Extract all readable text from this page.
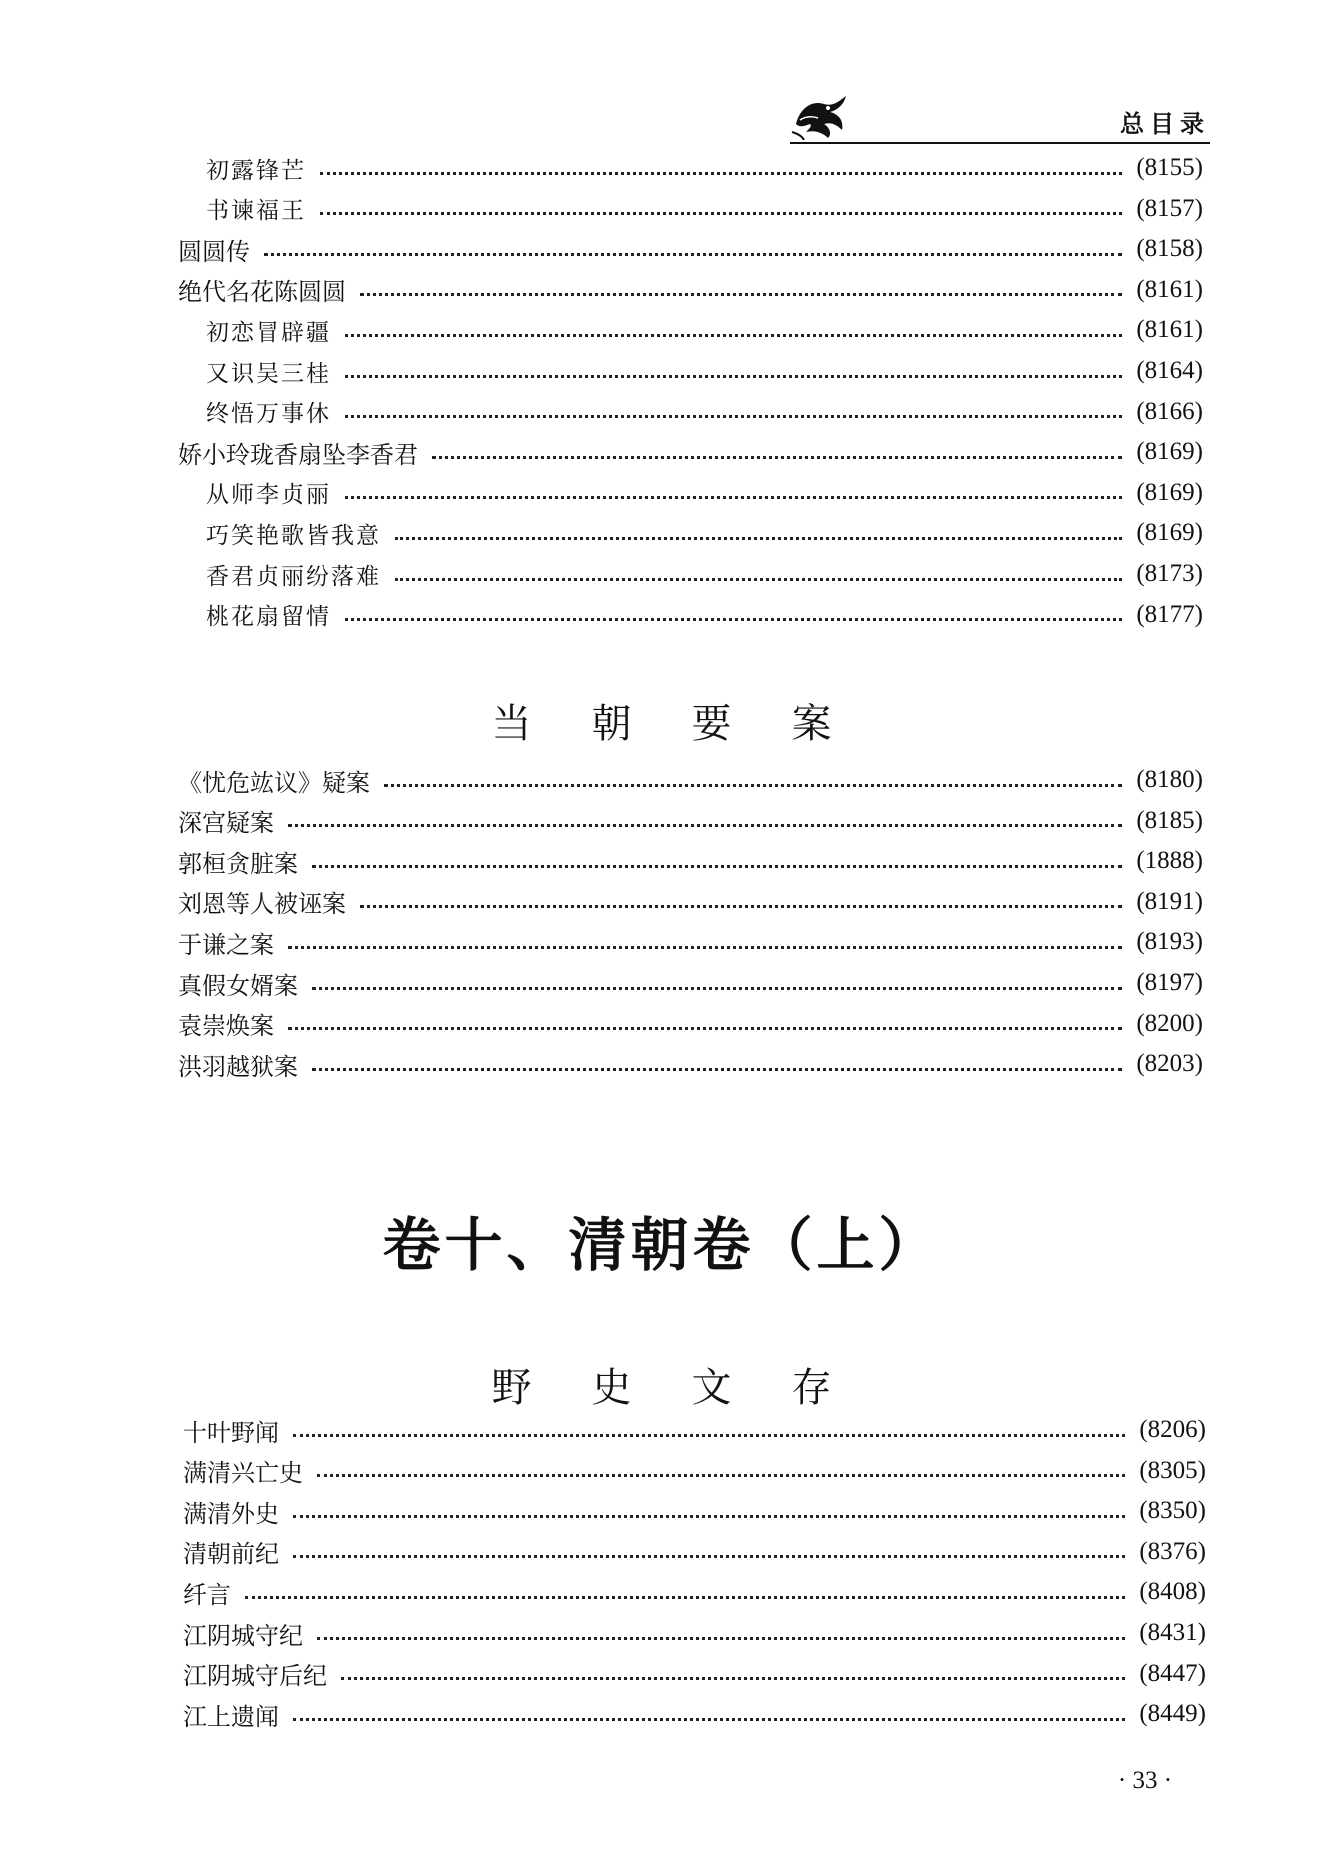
总目录
初露锋芒	(8155)
书谏福王	(8157)
圆圆传	(8158)
绝代名花陈圆圆	(8161)
初恋冒辟疆	(8161)
又识吴三桂	(8164)
终悟万事休	(8166)
娇小玲珑香扇坠李香君	(8169)
从师李贞丽	(8169)
巧笑艳歌皆我意	(8169)
香君贞丽纷落难	(8173)
桃花扇留情	(8177)
当朝要案
《忧危竑议》疑案	(8180)
深宫疑案	(8185)
郭桓贪脏案	(1888)
刘恩等人被诬案	(8191)
于谦之案	(8193)
真假女婿案	(8197)
袁崇焕案	(8200)
洪羽越狱案	(8203)
卷十、清朝卷（上）
野史文存
十叶野闻	(8206)
满清兴亡史	(8305)
满清外史	(8350)
清朝前纪	(8376)
纤言	(8408)
江阴城守纪	(8431)
江阴城守后纪	(8447)
江上遗闻	(8449)
· 33 ·
